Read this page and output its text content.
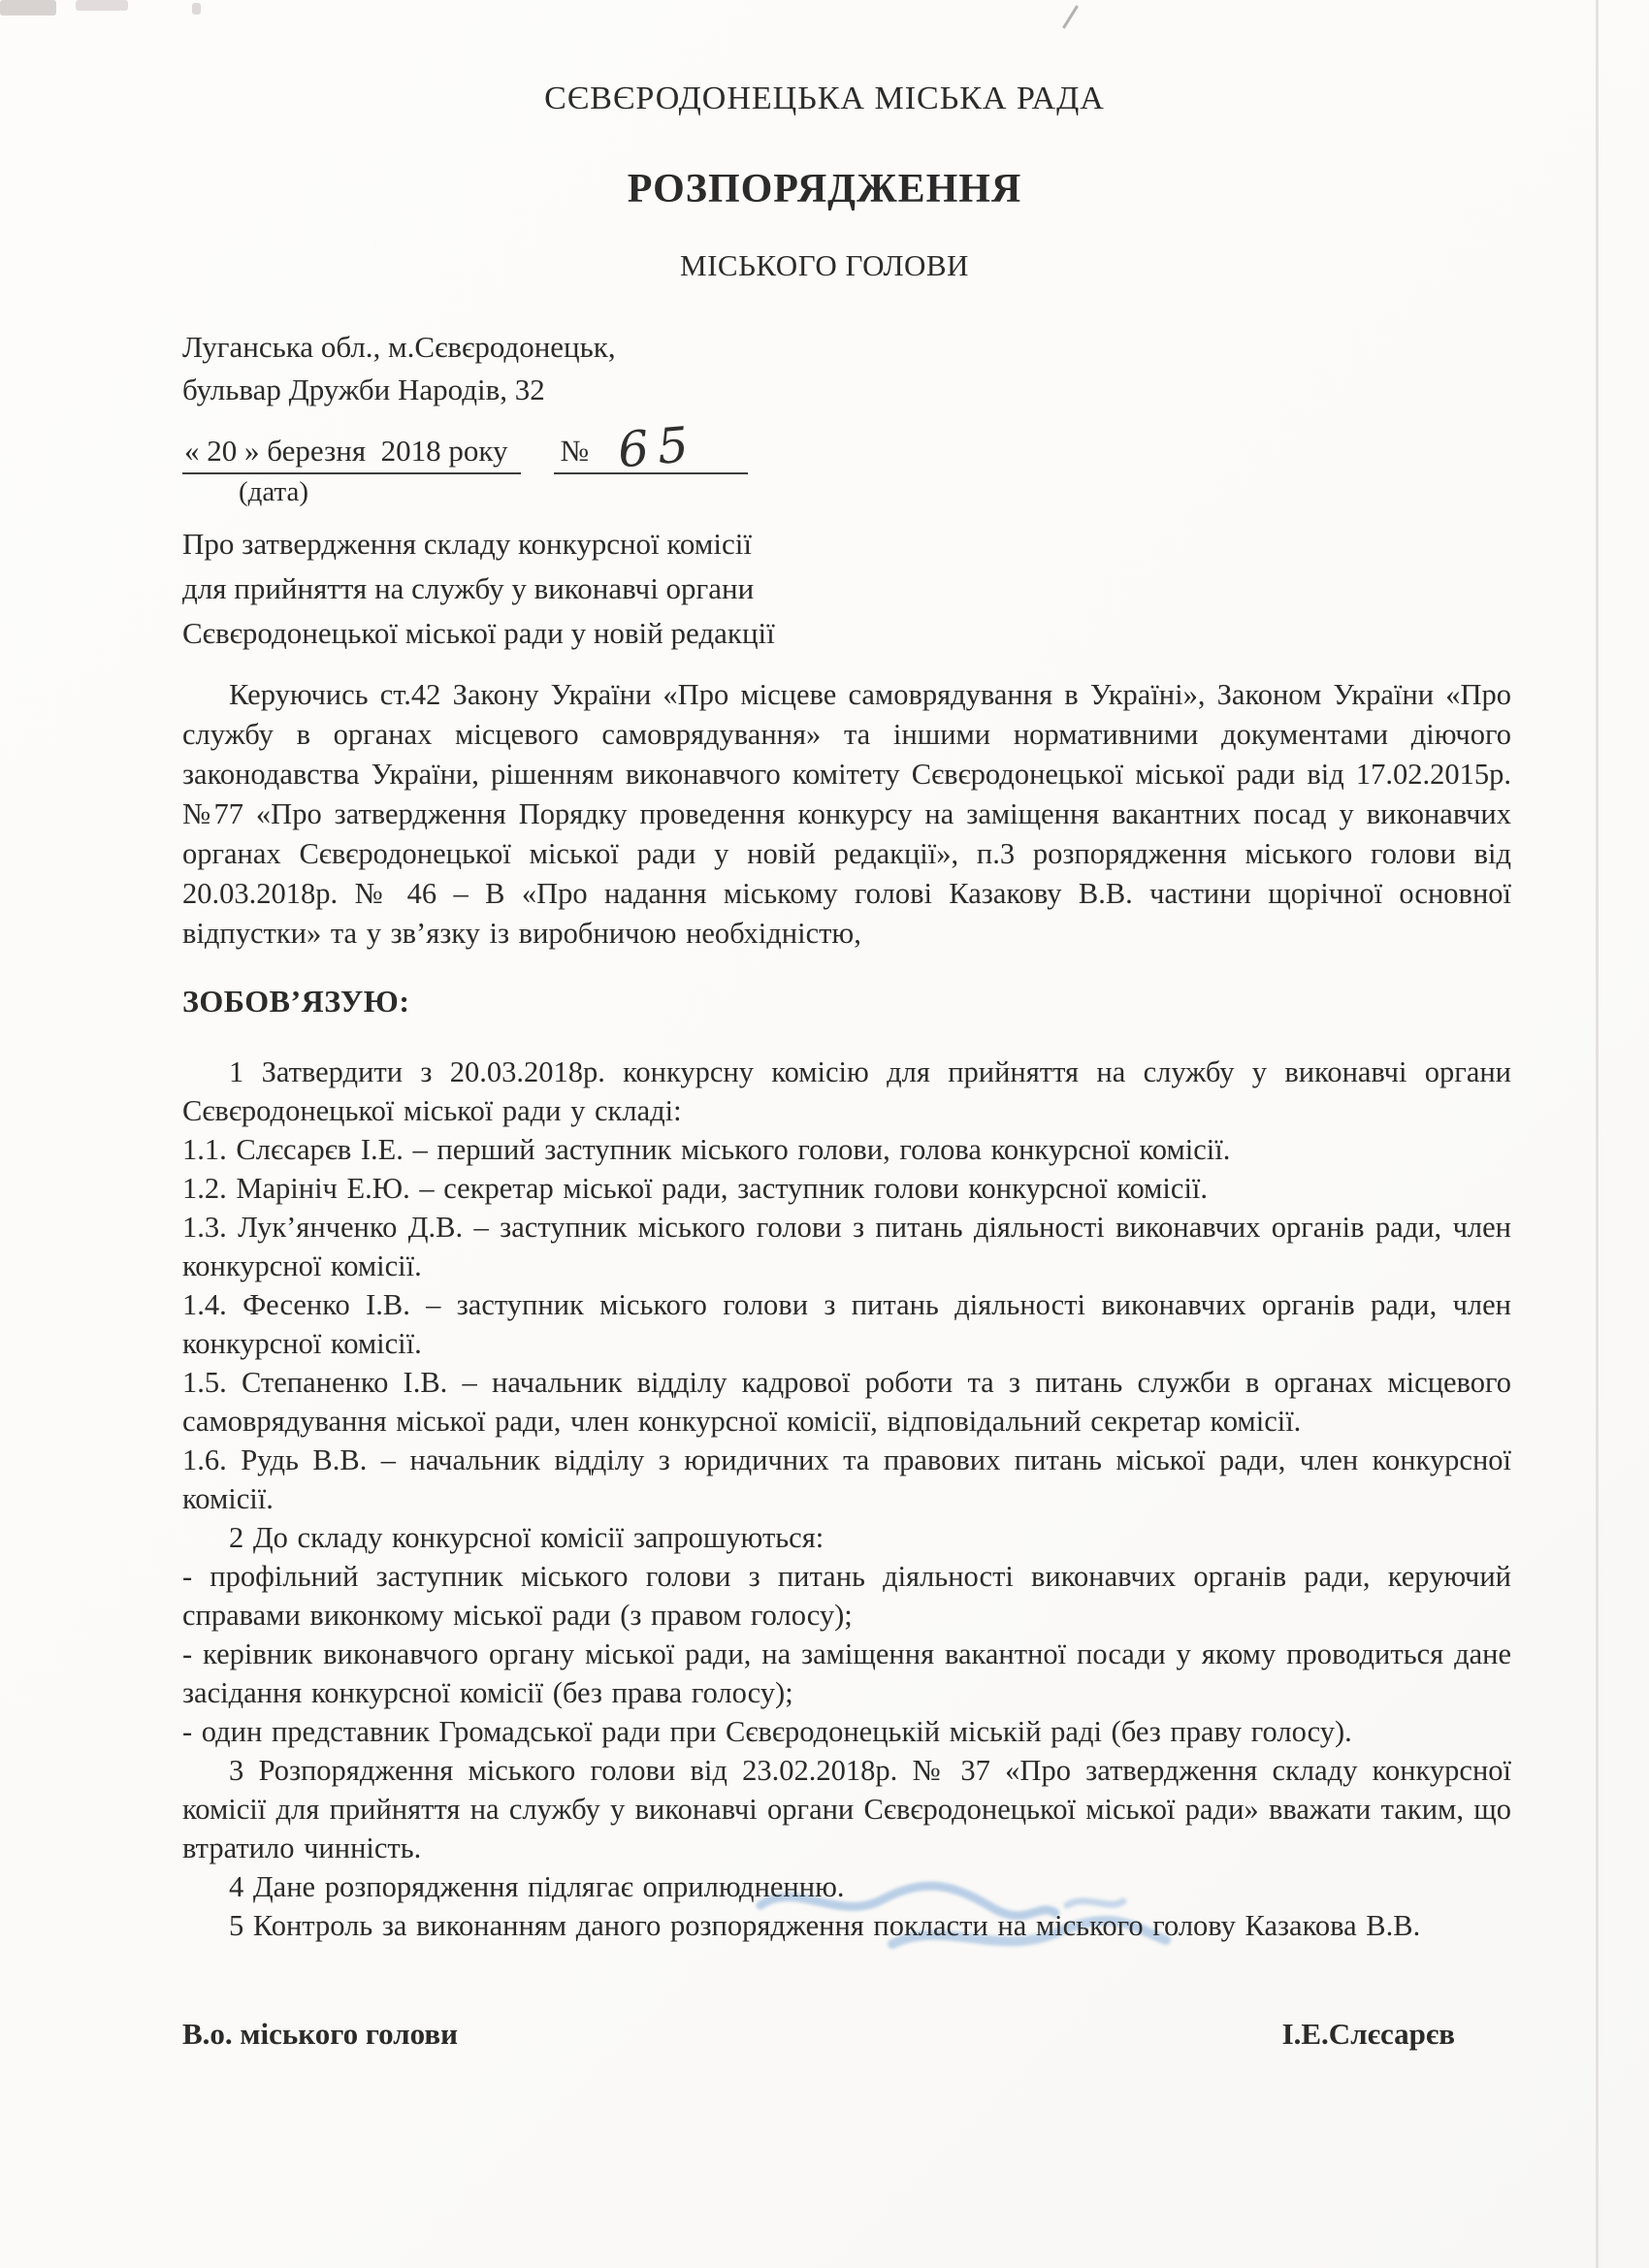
СЄВЄРОДОНЕЦЬКА МІСЬКА РАДА
РОЗПОРЯДЖЕННЯ
МІСЬКОГО ГОЛОВИ
Луганська обл., м.Сєвєродонецьк,
бульвар Дружби Народів, 32
« 20 » березня  2018 року № 65
(дата)
Про затвердження складу конкурсної комісії
для прийняття на службу у виконавчі органи
Сєвєродонецької міської ради у новій редакції

Керуючись ст.42 Закону України «Про місцеве самоврядування в Україні», Законом України «Про службу в органах місцевого самоврядування» та іншими нормативними документами діючого законодавства України, рішенням виконавчого комітету Сєвєродонецької міської ради від 17.02.2015р. №77 «Про затвердження Порядку проведення конкурсу на заміщення вакантних посад у виконавчих органах Сєвєродонецької міської ради у новій редакції», п.3 розпорядження міського голови від 20.03.2018р. № 46 – В «Про надання міському голові Казакову В.В. частини щорічної основної відпустки» та у зв’язку із виробничою необхідністю,

ЗОБОВ’ЯЗУЮ:

1 Затвердити з 20.03.2018р. конкурсну комісію для прийняття на службу у виконавчі органи Сєвєродонецької міської ради у складі:

1.1. Слєсарєв І.Е. – перший заступник міського голови, голова конкурсної комісії.

1.2. Марініч Е.Ю. – секретар міської ради, заступник голови конкурсної комісії.

1.3. Лук’янченко Д.В. – заступник міського голови з питань діяльності виконавчих органів ради, член конкурсної комісії.

1.4. Фесенко І.В. – заступник міського голови з питань діяльності виконавчих органів ради, член конкурсної комісії.

1.5. Степаненко І.В. – начальник відділу кадрової роботи та з питань служби в органах місцевого самоврядування міської ради, член конкурсної комісії, відповідальний секретар комісії.

1.6. Рудь В.В. – начальник відділу з юридичних та правових питань міської ради, член конкурсної комісії.

2 До складу конкурсної комісії запрошуються:

- профільний заступник міського голови з питань діяльності виконавчих органів ради, керуючий справами виконкому міської ради (з правом голосу);

- керівник виконавчого органу міської ради, на заміщення вакантної посади у якому проводиться дане засідання конкурсної комісії (без права голосу);

- один представник Громадської ради при Сєвєродонецькій міській раді (без праву голосу).

3 Розпорядження міського голови від 23.02.2018р. № 37 «Про затвердження складу конкурсної комісії для прийняття на службу у виконавчі органи Сєвєродонецької міської ради» вважати таким, що втратило чинність.

4 Дане розпорядження підлягає оприлюдненню.

5 Контроль за виконанням даного розпорядження покласти на міського голову Казакова В.В.

В.о. міського голови	І.Е.Слєсарєв
